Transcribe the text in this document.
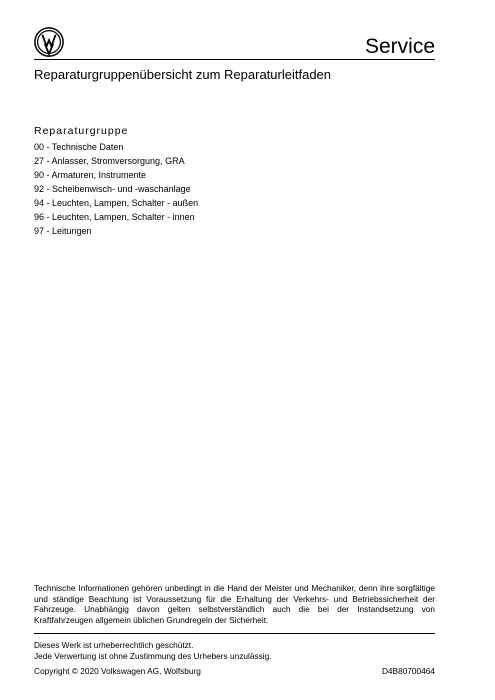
Service
Reparaturgruppenübersicht zum Reparaturleitfaden
Reparaturgruppe
00 - Technische Daten
27 - Anlasser, Stromversorgung, GRA
90 - Armaturen, Instrumente
92 - Scheibenwisch- und -waschanlage
94 - Leuchten, Lampen, Schalter - außen
96 - Leuchten, Lampen, Schalter - innen
97 - Leitungen
Technische Informationen gehören unbedingt in die Hand der Meister und Mechaniker, denn ihre sorgfältige und ständige Beachtung ist Voraussetzung für die Erhaltung der Verkehrs- und Betriebssicherheit der Fahrzeuge. Unabhängig davon gelten selbstverständlich auch die bei der Instandsetzung von Kraftfahrzeugen allgemein üblichen Grundregeln der Sicherheit.
Dieses Werk ist urheberrechtlich geschützt.
Jede Verwertung ist ohne Zustimmung des Urhebers unzulässig.
Copyright © 2020 Volkswagen AG, Wolfsburg	D4B80700464
